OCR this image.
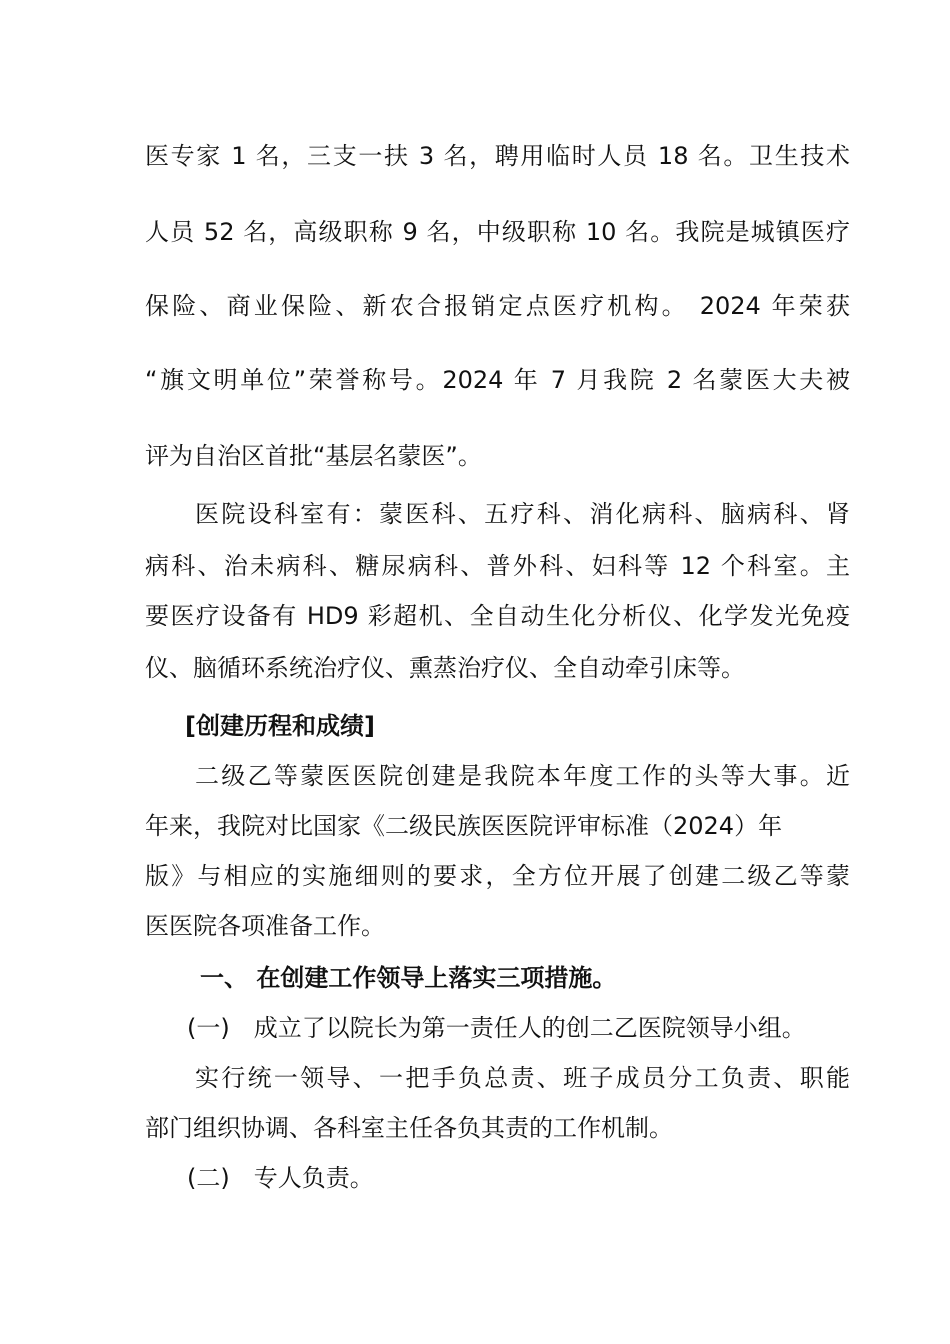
医专家 1 名，三支一扶 3 名，聘用临时人员 18 名。卫生技术
人员 52 名，高级职称 9 名，中级职称 10 名。我院是城镇医疗
保险、商业保险、新农合报销定点医疗机构。 2024 年荣获
“旗文明单位”荣誉称号。2024 年 7 月我院 2 名蒙医大夫被
评为自治区首批“基层名蒙医”。
医院设科室有：蒙医科、五疗科、消化病科、脑病科、肾
病科、治未病科、糖尿病科、普外科、妇科等 12 个科室。主
要医疗设备有 HD9 彩超机、全自动生化分析仪、化学发光免疫
仪、脑循环系统治疗仪、熏蒸治疗仪、全自动牵引床等。
[创建历程和成绩]
二级乙等蒙医医院创建是我院本年度工作的头等大事。近
年来，我院对比国家《二级民族医医院评审标准（2024）年
版》与相应的实施细则的要求，全方位开展了创建二级乙等蒙
医医院各项准备工作。
一、 在创建工作领导上落实三项措施。
(一)　成立了以院长为第一责任人的创二乙医院领导小组。
实行统一领导、一把手负总责、班子成员分工负责、职能
部门组织协调、各科室主任各负其责的工作机制。
(二)　专人负责。
